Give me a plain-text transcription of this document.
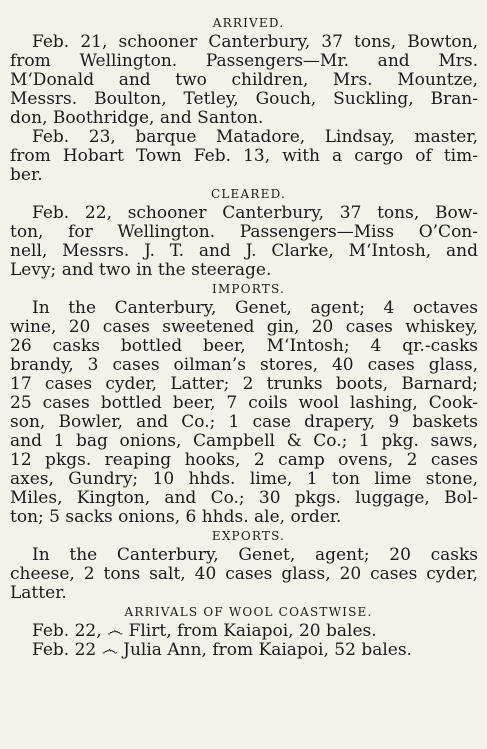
ARRIVED.
Feb. 21, schooner Canterbury, 37 tons, Bowton,
from Wellington. Passengers—Mr. and Mrs.
M‘Donald and two children, Mrs. Mountze,
Messrs. Boulton, Tetley, Gouch, Suckling, Bran-
don, Boothridge, and Santon.
Feb. 23, barque Matadore, Lindsay, master,
from Hobart Town Feb. 13, with a cargo of tim-
ber.
CLEARED.
Feb. 22, schooner Canterbury, 37 tons, Bow-
ton, for Wellington. Passengers—Miss O’Con-
nell, Messrs. J. T. and J. Clarke, M‘Intosh, and
Levy; and two in the steerage.
IMPORTS.
In the Canterbury, Genet, agent; 4 octaves
wine, 20 cases sweetened gin, 20 cases whiskey,
26 casks bottled beer, M‘Intosh; 4 qr.-casks
brandy, 3 cases oilman’s stores, 40 cases glass,
17 cases cyder, Latter; 2 trunks boots, Barnard;
25 cases bottled beer, 7 coils wool lashing, Cook-
son, Bowler, and Co.; 1 case drapery, 9 baskets
and 1 bag onions, Campbell & Co.; 1 pkg. saws,
12 pkgs. reaping hooks, 2 camp ovens, 2 cases
axes, Gundry; 10 hhds. lime, 1 ton lime stone,
Miles, Kington, and Co.; 30 pkgs. luggage, Bol-
ton; 5 sacks onions, 6 hhds. ale, order.
EXPORTS.
In the Canterbury, Genet, agent; 20 casks
cheese, 2 tons salt, 40 cases glass, 20 cases cyder,
Latter.
ARRIVALS OF WOOL COASTWISE.
Feb. 22, ෴ Flirt, from Kaiapoi, 20 bales.
Feb. 22 ෴ Julia Ann, from Kaiapoi, 52 bales.
